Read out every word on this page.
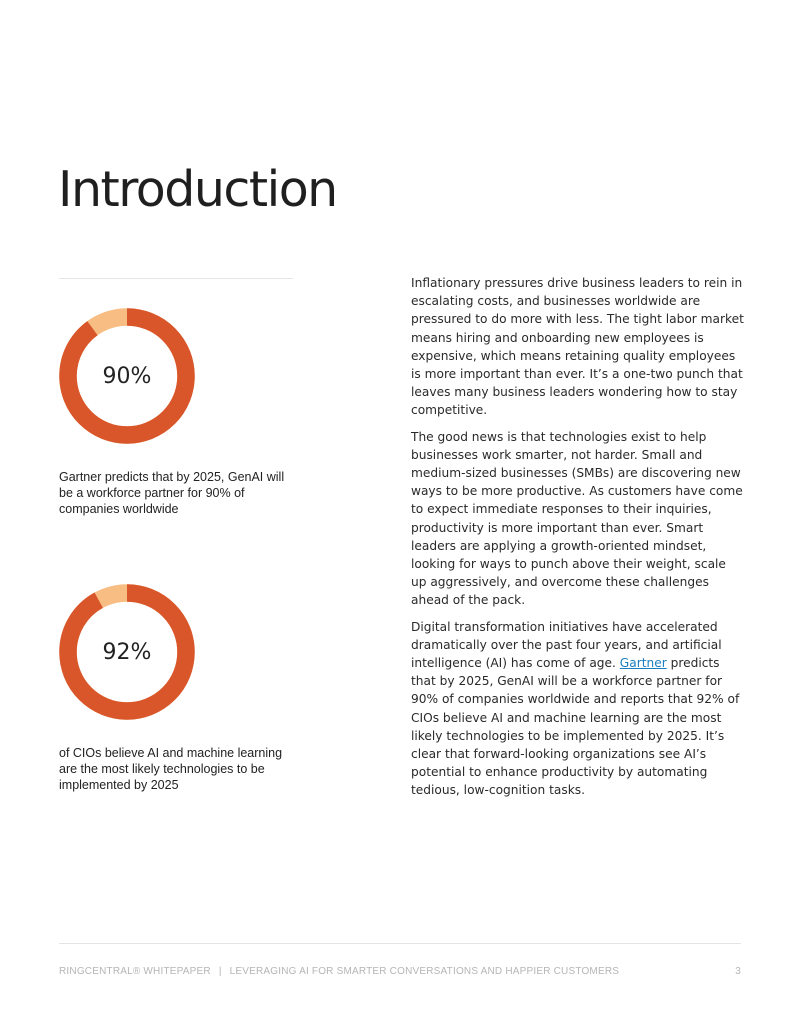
Introduction
90%

Gartner predicts that by 2025, GenAI will be a workforce partner for 90% of companies worldwide

92%

of CIOs believe AI and machine learning are the most likely technologies to be implemented by 2025

Inflationary pressures drive business leaders to rein in escalating costs, and businesses worldwide are pressured to do more with less. The tight labor market means hiring and onboarding new employees is expensive, which means retaining quality employees is more important than ever. It’s a one-two punch that leaves many business leaders wondering how to stay competitive.

The good news is that technologies exist to help businesses work smarter, not harder. Small and medium-sized businesses (SMBs) are discovering new ways to be more productive. As customers have come to expect immediate responses to their inquiries, productivity is more important than ever. Smart leaders are applying a growth-oriented mindset, looking for ways to punch above their weight, scale up aggressively, and overcome these challenges ahead of the pack.

Digital transformation initiatives have accelerated dramatically over the past four years, and artificial intelligence (AI) has come of age. Gartner predicts that by 2025, GenAI will be a workforce partner for 90% of companies worldwide and reports that 92% of CIOs believe AI and machine learning are the most likely technologies to be implemented by 2025. It’s clear that forward-looking organizations see AI’s potential to enhance productivity by automating tedious, low-cognition tasks.

RINGCENTRAL® WHITEPAPER | LEVERAGING AI FOR SMARTER CONVERSATIONS AND HAPPIER CUSTOMERS	3
